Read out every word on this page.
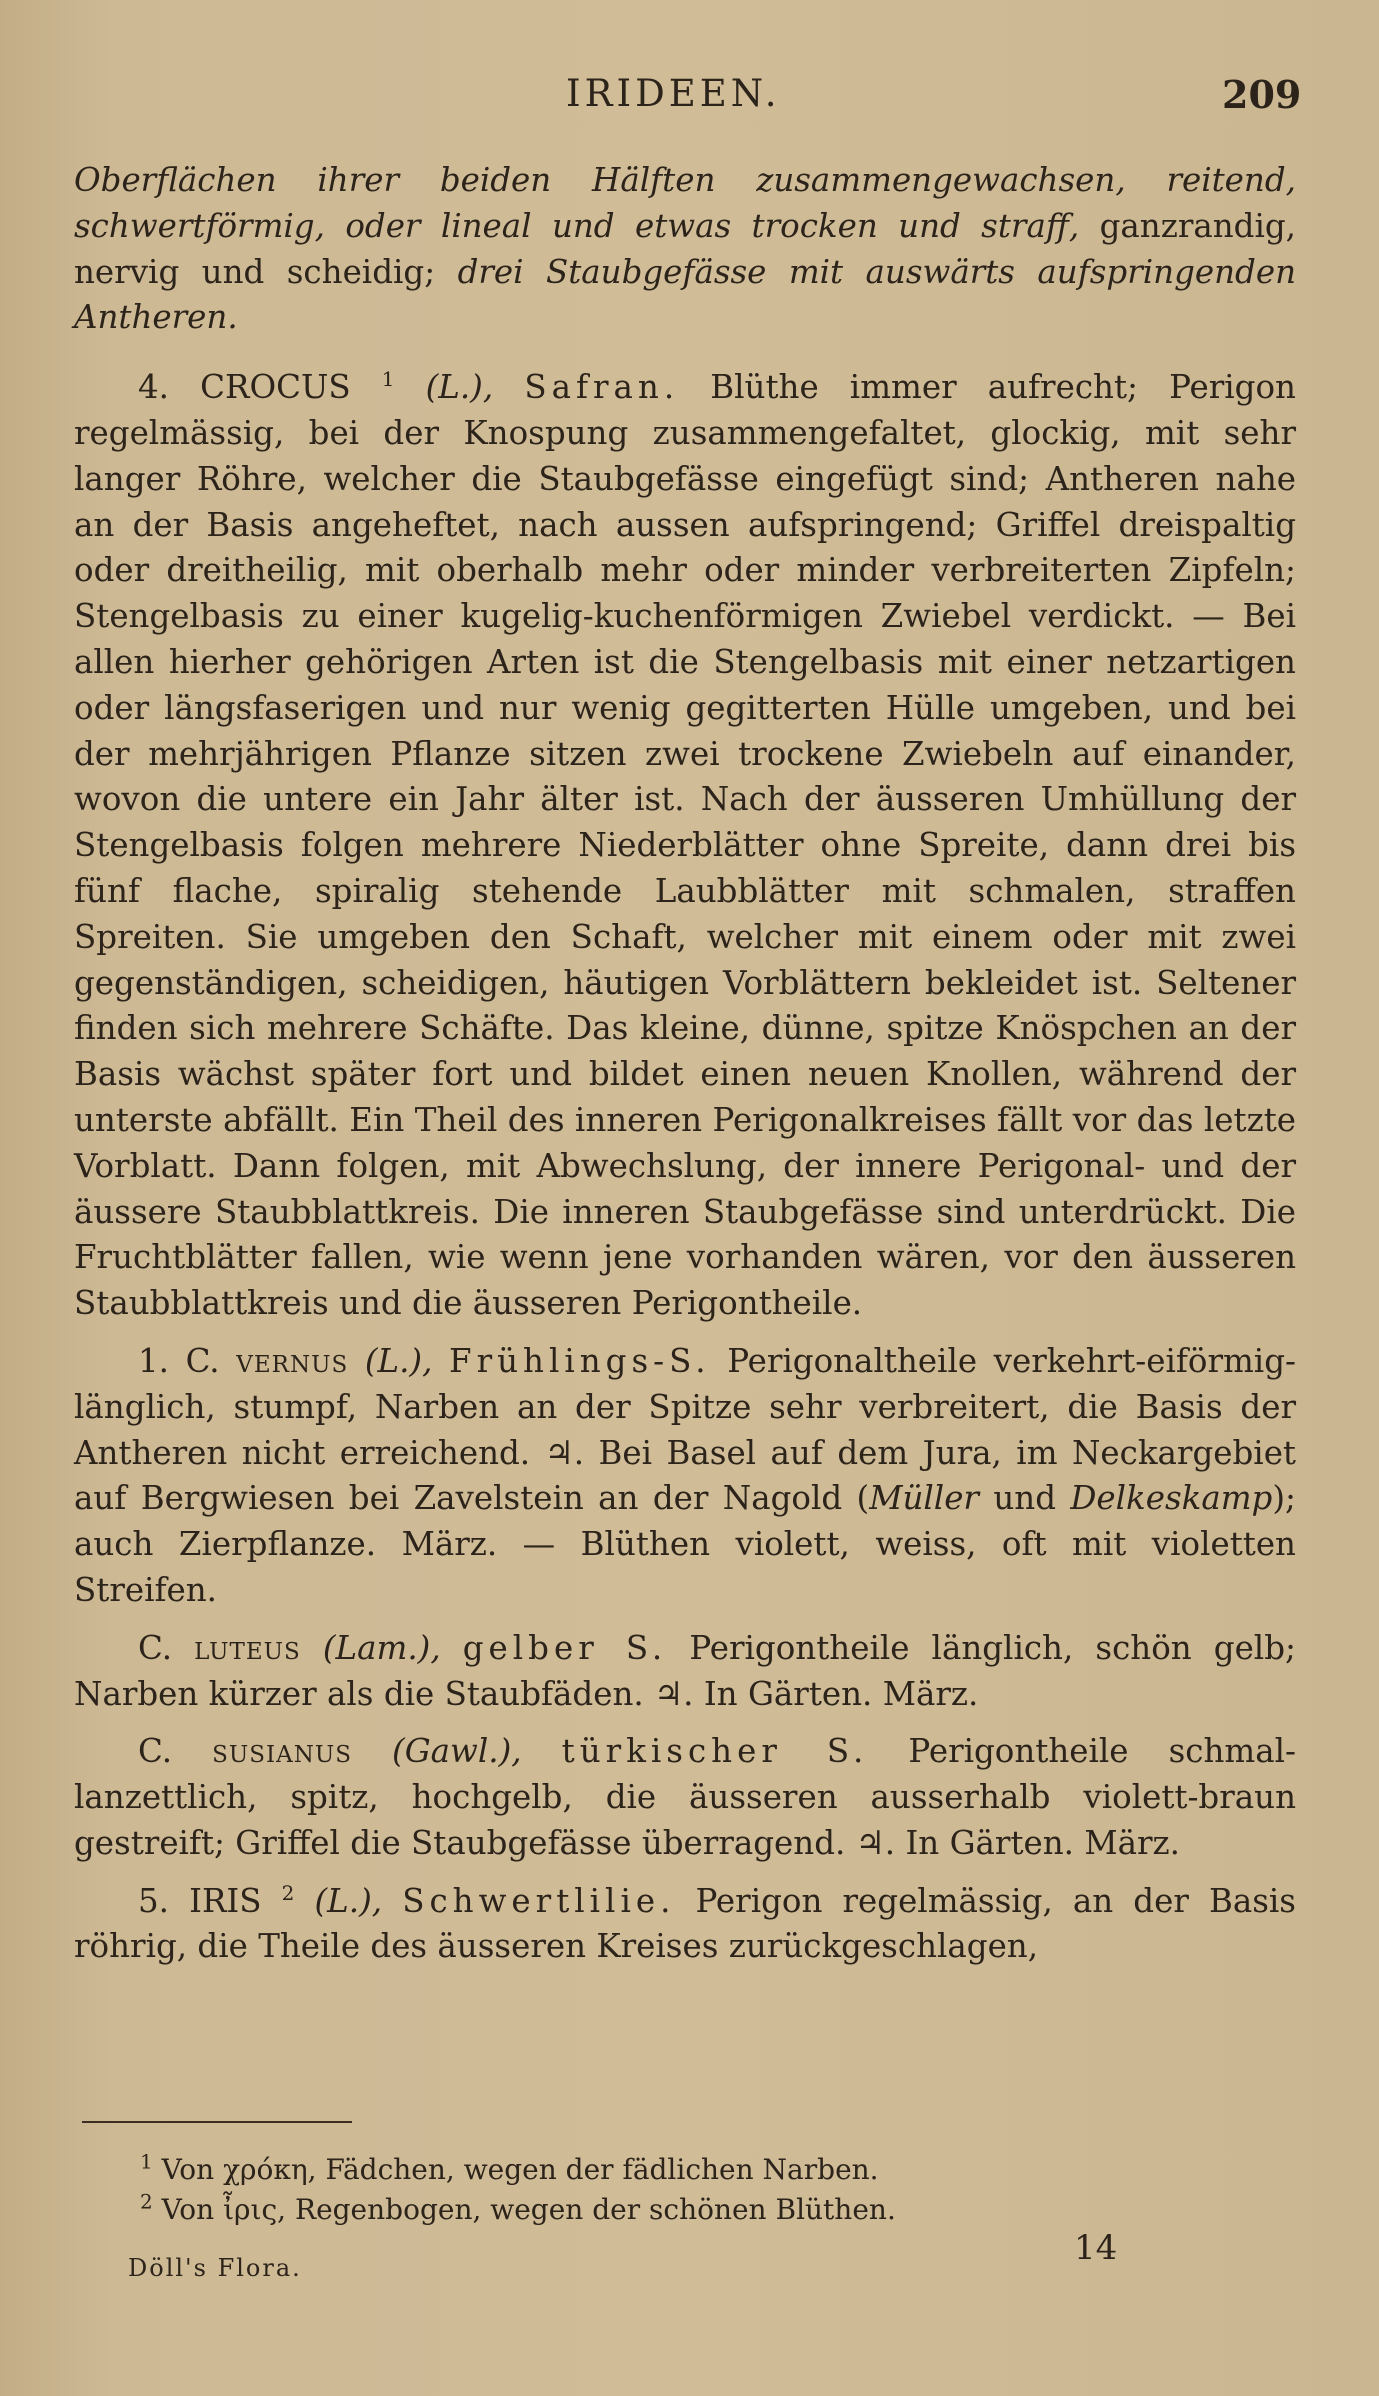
IRIDEEN.	209

Oberflächen ihrer beiden Hälften zusammengewachsen, reitend, schwertförmig, oder lineal und etwas trocken und straff, ganzrandig, nervig und scheidig; drei Staubgefässe mit auswärts aufspringenden Antheren.

4. CROCUS $^1$ (L.), Safran. Blüthe immer aufrecht; Perigon regelmässig, bei der Knospung zusammengefaltet, glockig, mit sehr langer Röhre, welcher die Staubgefässe eingefügt sind; Antheren nahe an der Basis angeheftet, nach aussen aufspringend; Griffel dreispaltig oder dreitheilig, mit oberhalb mehr oder minder verbreiterten Zipfeln; Stengelbasis zu einer kugelig-kuchenförmigen Zwiebel verdickt. — Bei allen hierher gehörigen Arten ist die Stengelbasis mit einer netzartigen oder längsfaserigen und nur wenig gegitterten Hülle umgeben, und bei der mehrjährigen Pflanze sitzen zwei trockene Zwiebeln auf einander, wovon die untere ein Jahr älter ist. Nach der äusseren Umhüllung der Stengelbasis folgen mehrere Niederblätter ohne Spreite, dann drei bis fünf flache, spiralig stehende Laubblätter mit schmalen, straffen Spreiten. Sie umgeben den Schaft, welcher mit einem oder mit zwei gegenständigen, scheidigen, häutigen Vorblättern bekleidet ist. Seltener finden sich mehrere Schäfte. Das kleine, dünne, spitze Knöspchen an der Basis wächst später fort und bildet einen neuen Knollen, während der unterste abfällt. Ein Theil des inneren Perigonalkreises fällt vor das letzte Vorblatt. Dann folgen, mit Abwechslung, der innere Perigonal- und der äussere Staubblattkreis. Die inneren Staubgefässe sind unterdrückt. Die Fruchtblätter fallen, wie wenn jene vorhanden wären, vor den äusseren Staubblattkreis und die äusseren Perigontheile.

1. C. vernus (L.), Frühlings-S. Perigonaltheile verkehrt-eiförmig-länglich, stumpf, Narben an der Spitze sehr verbreitert, die Basis der Antheren nicht erreichend. ♃. Bei Basel auf dem Jura, im Neckargebiet auf Bergwiesen bei Zavelstein an der Nagold (Müller und Delkeskamp); auch Zierpflanze. März. — Blüthen violett, weiss, oft mit violetten Streifen.

C. luteus (Lam.), gelber S. Perigontheile länglich, schön gelb; Narben kürzer als die Staubfäden. ♃. In Gärten. März.

C. susianus (Gawl.), türkischer S. Perigontheile schmal-lanzettlich, spitz, hochgelb, die äusseren ausserhalb violett-braun gestreift; Griffel die Staubgefässe überragend. ♃. In Gärten. März.

5. IRIS $^2$ (L.), Schwertlilie. Perigon regelmässig, an der Basis röhrig, die Theile des äusseren Kreises zurückgeschlagen,

$^1$ Von χρόκη, Fädchen, wegen der fädlichen Narben.
$^2$ Von ἶρις, Regenbogen, wegen der schönen Blüthen.
Döll's Flora.	14
